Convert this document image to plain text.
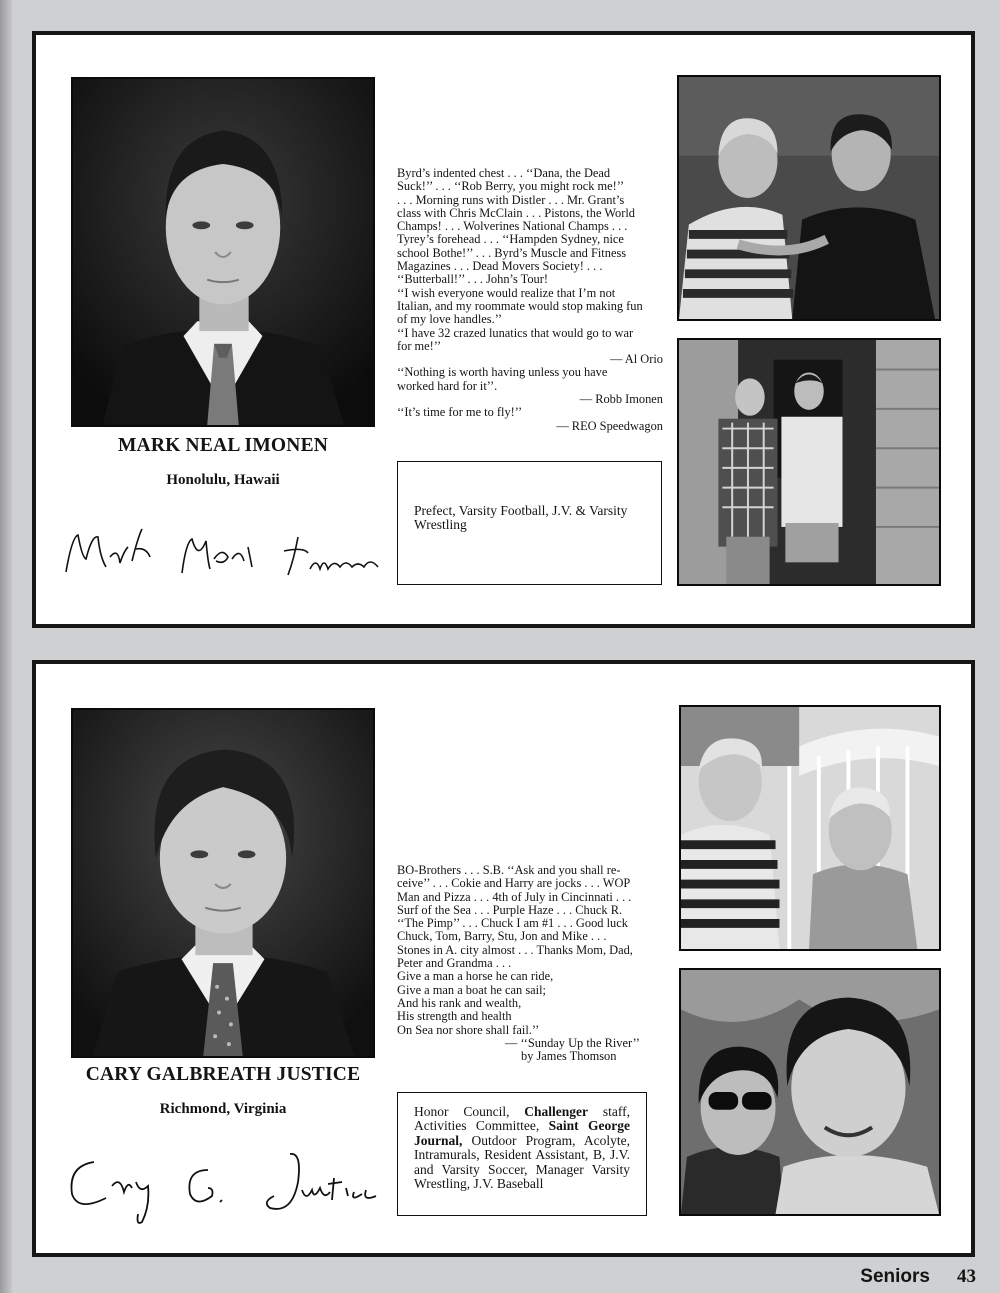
MARK NEAL IMONEN
Honolulu, Hawaii
Byrd’s indented chest . . . ‘‘Dana, the Dead
Suck!’’ . . . ‘‘Rob Berry, you might rock me!’’
. . . Morning runs with Distler . . . Mr. Grant’s
class with Chris McClain . . . Pistons, the World
Champs! . . . Wolverines National Champs . . .
Tyrey’s forehead . . . ‘‘Hampden Sydney, nice
school Bothe!’’ . . . Byrd’s Muscle and Fitness
Magazines . . . Dead Movers Society! . . .
‘‘Butterball!’’ . . . John’s Tour!
‘‘I wish everyone would realize that I’m not
Italian, and my roommate would stop making fun
of my love handles.’’
‘‘I have 32 crazed lunatics that would go to war
for me!’’
— Al Orio
‘‘Nothing is worth having unless you have
worked hard for it’’.
— Robb Imonen
‘‘It’s time for me to fly!’’
— REO Speedwagon
Prefect, Varsity Football, J.V. & Varsity Wrestling
CARY GALBREATH JUSTICE
Richmond, Virginia
BO-Brothers . . . S.B. ‘‘Ask and you shall re-
ceive’’ . . . Cokie and Harry are jocks . . . WOP
Man and Pizza . . . 4th of July in Cincinnati . . .
Surf of the Sea . . . Purple Haze . . . Chuck R.
‘‘The Pimp’’ . . . Chuck I am #1 . . . Good luck
Chuck, Tom, Barry, Stu, Jon and Mike . . .
Stones in A. city almost . . . Thanks Mom, Dad,
Peter and Grandma . . .
Give a man a horse he can ride,
Give a man a boat he can sail;
And his rank and wealth,
His strength and health
On Sea nor shore shall fail.’’
— ‘‘Sunday Up the River’’
by James Thomson
Honor Council, Challenger staff, Activities Committee, Saint George Journal, Outdoor Program, Acolyte, Intramurals, Resident Assistant, B, J.V. and Varsity Soccer, Manager Varsity Wrestling, J.V. Baseball
Seniors 43
